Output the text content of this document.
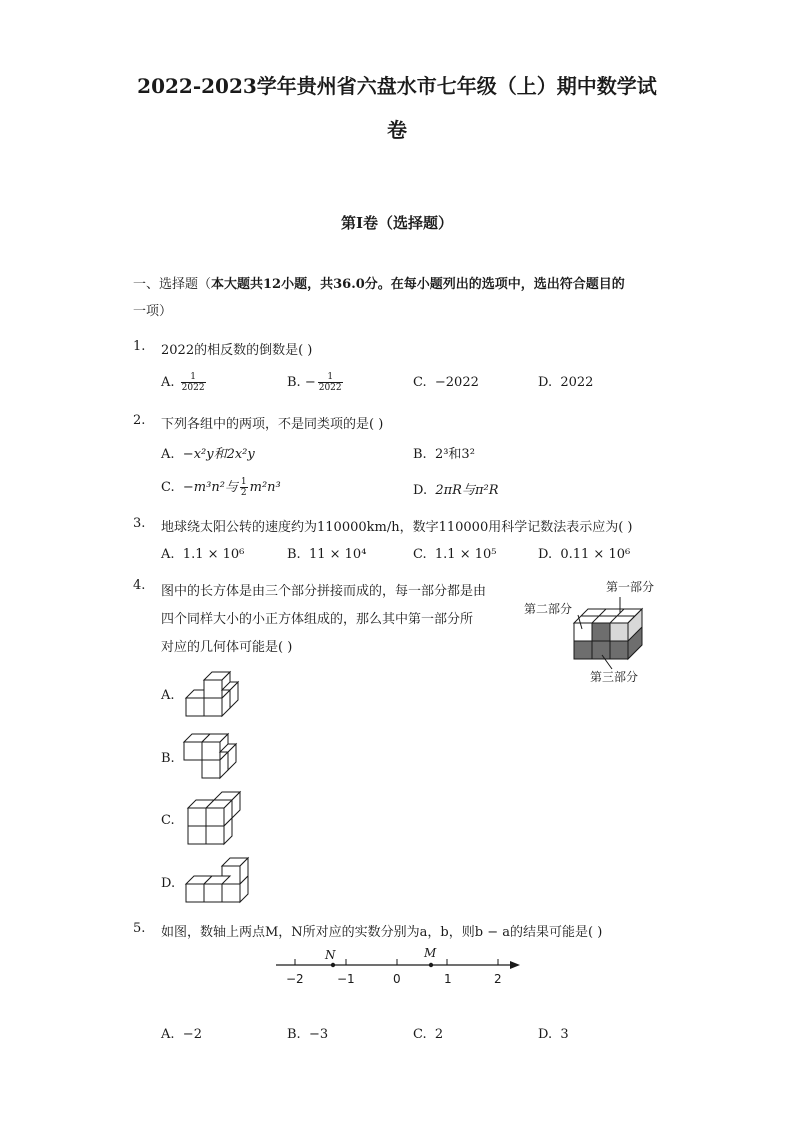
2022-2023学年贵州省六盘水市七年级（上）期中数学试
卷
第I卷（选择题）
一、选择题（本大题共12小题，共36.0分。在每小题列出的选项中，选出符合题目的
一项）
1. 2022的相反数的倒数是( )
A. $\frac{1}{2022}$	B. − $\frac{1}{2022}$	C. −2022	D. 2022
2. 下列各组中的两项，不是同类项的是( )
A. −x²y和2x²y	B. 2³和3²
C. −m³n²与 $\frac{1}{2} m^2n^3$	D. 2πR与π²R
3. 地球绕太阳公转的速度约为110000km/h，数字110000用科学记数法表示应为( )
A. 1.1 × 10⁶	B. 11 × 10⁴	C. 1.1 × 10⁵	D. 0.11 × 10⁶
4. 图中的长方体是由三个部分拼接而成的，每一部分都是由
四个同样大小的小正方体组成的，那么其中第一部分所
对应的几何体可能是( )
第一部分
第二部分
第三部分
A.
B.
C.
D.
5. 如图，数轴上两点M，N所对应的实数分别为a，b，则b − a的结果可能是( )
−2	−1	0	1	2
N	M
A. −2	B. −3	C. 2	D. 3
